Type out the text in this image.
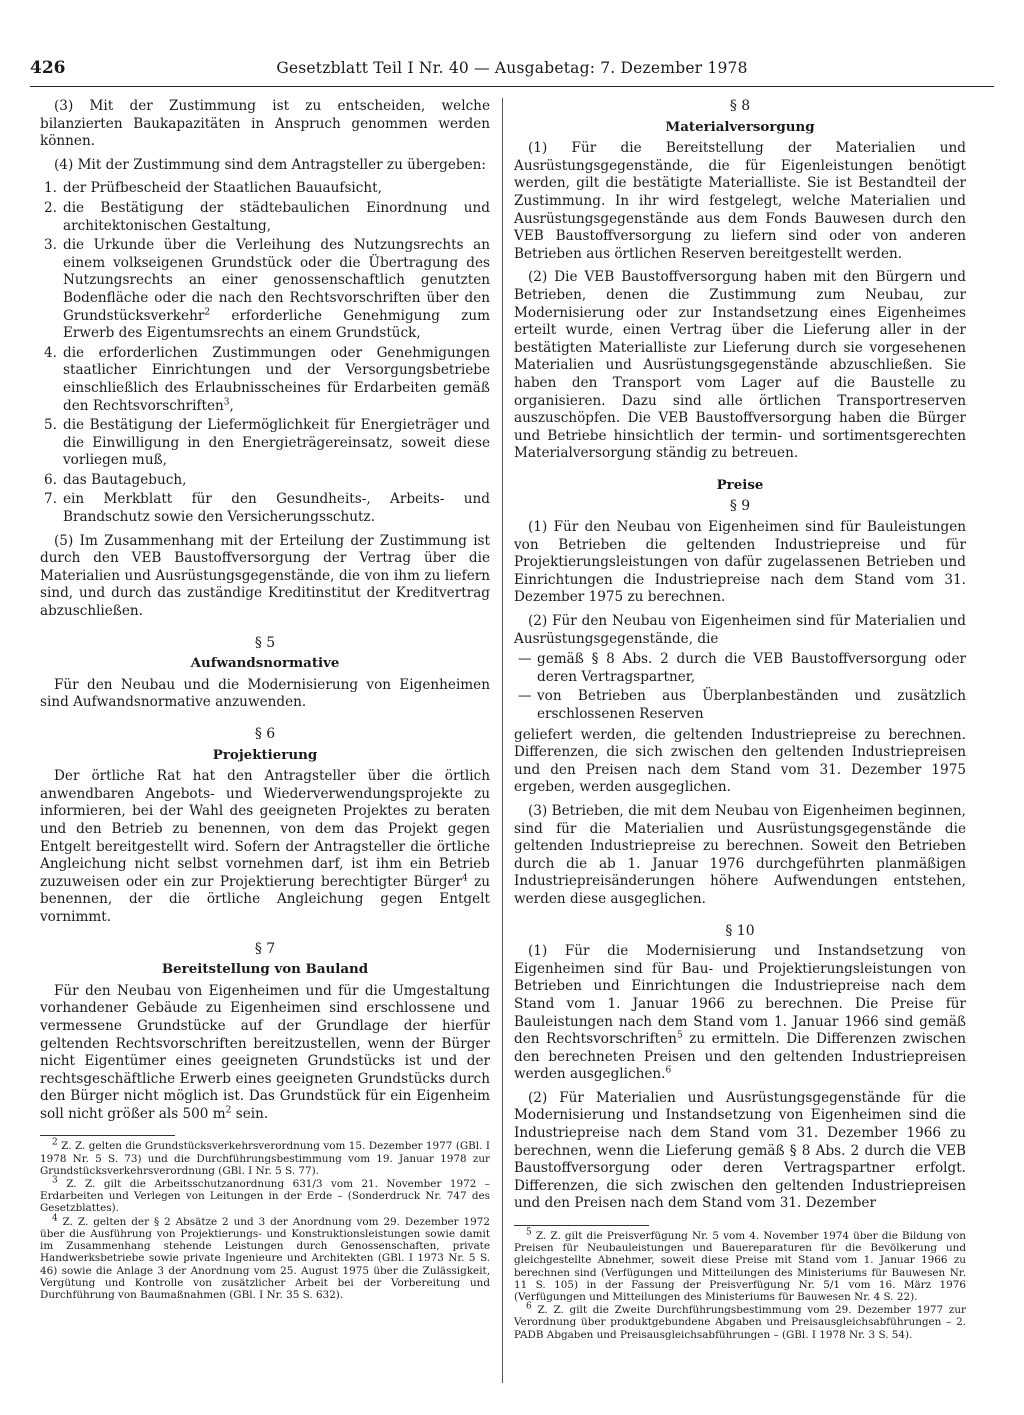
426	Gesetzblatt Teil I Nr. 40 — Ausgabetag: 7. Dezember 1978

(3) Mit der Zustimmung ist zu entscheiden, welche bilanzierten Baukapazitäten in Anspruch genommen werden können.

(4) Mit der Zustimmung sind dem Antragsteller zu übergeben:

1. der Prüfbescheid der Staatlichen Bauaufsicht,
2. die Bestätigung der städtebaulichen Einordnung und architektonischen Gestaltung,
3. die Urkunde über die Verleihung des Nutzungsrechts an einem volkseigenen Grundstück oder die Übertragung des Nutzungsrechts an einer genossenschaftlich genutzten Bodenfläche oder die nach den Rechtsvorschriften über den Grundstücksverkehr$^2$ erforderliche Genehmigung zum Erwerb des Eigentumsrechts an einem Grundstück,
4. die erforderlichen Zustimmungen oder Genehmigungen staatlicher Einrichtungen und der Versorgungsbetriebe einschließlich des Erlaubnisscheines für Erdarbeiten gemäß den Rechtsvorschriften$^3$,
5. die Bestätigung der Liefermöglichkeit für Energieträger und die Einwilligung in den Energieträgereinsatz, soweit diese vorliegen muß,
6. das Bautagebuch,
7. ein Merkblatt für den Gesundheits-, Arbeits- und Brandschutz sowie den Versicherungsschutz.

(5) Im Zusammenhang mit der Erteilung der Zustimmung ist durch den VEB Baustoffversorgung der Vertrag über die Materialien und Ausrüstungsgegenstände, die von ihm zu liefern sind, und durch das zuständige Kreditinstitut der Kreditvertrag abzuschließen.

§ 5
Aufwandsnormative

Für den Neubau und die Modernisierung von Eigenheimen sind Aufwandsnormative anzuwenden.

§ 6
Projektierung

Der örtliche Rat hat den Antragsteller über die örtlich anwendbaren Angebots- und Wiederverwendungsprojekte zu informieren, bei der Wahl des geeigneten Projektes zu beraten und den Betrieb zu benennen, von dem das Projekt gegen Entgelt bereitgestellt wird. Sofern der Antragsteller die örtliche Angleichung nicht selbst vornehmen darf, ist ihm ein Betrieb zuzuweisen oder ein zur Projektierung berechtigter Bürger$^4$ zu benennen, der die örtliche Angleichung gegen Entgelt vornimmt.

§ 7
Bereitstellung von Bauland

Für den Neubau von Eigenheimen und für die Umgestaltung vorhandener Gebäude zu Eigenheimen sind erschlossene und vermessene Grundstücke auf der Grundlage der hierfür geltenden Rechtsvorschriften bereitzustellen, wenn der Bürger nicht Eigentümer eines geeigneten Grundstücks ist und der rechtsgeschäftliche Erwerb eines geeigneten Grundstücks durch den Bürger nicht möglich ist. Das Grundstück für ein Eigenheim soll nicht größer als 500 $m^2$ sein.

$^2$ Z. Z. gelten die Grundstücksverkehrsverordnung vom 15. Dezember 1977 (GBl. I 1978 Nr. 5 S. 73) und die Durchführungsbestimmung vom 19. Januar 1978 zur Grundstücksverkehrsverordnung (GBl. I Nr. 5 S. 77).

$^3$ Z. Z. gilt die Arbeitsschutzanordnung 631/3 vom 21. November 1972 – Erdarbeiten und Verlegen von Leitungen in der Erde – (Sonderdruck Nr. 747 des Gesetzblattes).

$^4$ Z. Z. gelten der § 2 Absätze 2 und 3 der Anordnung vom 29. Dezember 1972 über die Ausführung von Projektierungs- und Konstruktionsleistungen sowie damit im Zusammenhang stehende Leistungen durch Genossenschaften, private Handwerksbetriebe sowie private Ingenieure und Architekten (GBl. I 1973 Nr. 5 S. 46) sowie die Anlage 3 der Anordnung vom 25. August 1975 über die Zulässigkeit, Vergütung und Kontrolle von zusätzlicher Arbeit bei der Vorbereitung und Durchführung von Baumaßnahmen (GBl. I Nr. 35 S. 632).

§ 8
Materialversorgung

(1) Für die Bereitstellung der Materialien und Ausrüstungsgegenstände, die für Eigenleistungen benötigt werden, gilt die bestätigte Materialliste. Sie ist Bestandteil der Zustimmung. In ihr wird festgelegt, welche Materialien und Ausrüstungsgegenstände aus dem Fonds Bauwesen durch den VEB Baustoffversorgung zu liefern sind oder von anderen Betrieben aus örtlichen Reserven bereitgestellt werden.

(2) Die VEB Baustoffversorgung haben mit den Bürgern und Betrieben, denen die Zustimmung zum Neubau, zur Modernisierung oder zur Instandsetzung eines Eigenheimes erteilt wurde, einen Vertrag über die Lieferung aller in der bestätigten Materialliste zur Lieferung durch sie vorgesehenen Materialien und Ausrüstungsgegenstände abzuschließen. Sie haben den Transport vom Lager auf die Baustelle zu organisieren. Dazu sind alle örtlichen Transportreserven auszuschöpfen. Die VEB Baustoffversorgung haben die Bürger und Betriebe hinsichtlich der termin- und sortimentsgerechten Materialversorgung ständig zu betreuen.

Preise
§ 9

(1) Für den Neubau von Eigenheimen sind für Bauleistungen von Betrieben die geltenden Industriepreise und für Projektierungsleistungen von dafür zugelassenen Betrieben und Einrichtungen die Industriepreise nach dem Stand vom 31. Dezember 1975 zu berechnen.

(2) Für den Neubau von Eigenheimen sind für Materialien und Ausrüstungsgegenstände, die

— gemäß § 8 Abs. 2 durch die VEB Baustoffversorgung oder deren Vertragspartner,
— von Betrieben aus Überplanbeständen und zusätzlich erschlossenen Reserven

geliefert werden, die geltenden Industriepreise zu berechnen. Differenzen, die sich zwischen den geltenden Industriepreisen und den Preisen nach dem Stand vom 31. Dezember 1975 ergeben, werden ausgeglichen.

(3) Betrieben, die mit dem Neubau von Eigenheimen beginnen, sind für die Materialien und Ausrüstungsgegenstände die geltenden Industriepreise zu berechnen. Soweit den Betrieben durch die ab 1. Januar 1976 durchgeführten planmäßigen Industriepreisänderungen höhere Aufwendungen entstehen, werden diese ausgeglichen.

§ 10

(1) Für die Modernisierung und Instandsetzung von Eigenheimen sind für Bau- und Projektierungsleistungen von Betrieben und Einrichtungen die Industriepreise nach dem Stand vom 1. Januar 1966 zu berechnen. Die Preise für Bauleistungen nach dem Stand vom 1. Januar 1966 sind gemäß den Rechtsvorschriften$^5$ zu ermitteln. Die Differenzen zwischen den berechneten Preisen und den geltenden Industriepreisen werden ausgeglichen.$^6$

(2) Für Materialien und Ausrüstungsgegenstände für die Modernisierung und Instandsetzung von Eigenheimen sind die Industriepreise nach dem Stand vom 31. Dezember 1966 zu berechnen, wenn die Lieferung gemäß § 8 Abs. 2 durch die VEB Baustoffversorgung oder deren Vertragspartner erfolgt. Differenzen, die sich zwischen den geltenden Industriepreisen und den Preisen nach dem Stand vom 31. Dezember

$^5$ Z. Z. gilt die Preisverfügung Nr. 5 vom 4. November 1974 über die Bildung von Preisen für Neubauleistungen und Bauereparaturen für die Bevölkerung und gleichgestellte Abnehmer, soweit diese Preise mit Stand vom 1. Januar 1966 zu berechnen sind (Verfügungen und Mitteilungen des Ministeriums für Bauwesen Nr. 11 S. 105) in der Fassung der Preisverfügung Nr. 5/1 vom 16. März 1976 (Verfügungen und Mitteilungen des Ministeriums für Bauwesen Nr. 4 S. 22).

$^6$ Z. Z. gilt die Zweite Durchführungsbestimmung vom 29. Dezember 1977 zur Verordnung über produktgebundene Abgaben und Preisausgleichsabführungen – 2. PADB Abgaben und Preisausgleichsabführungen – (GBl. I 1978 Nr. 3 S. 54).
